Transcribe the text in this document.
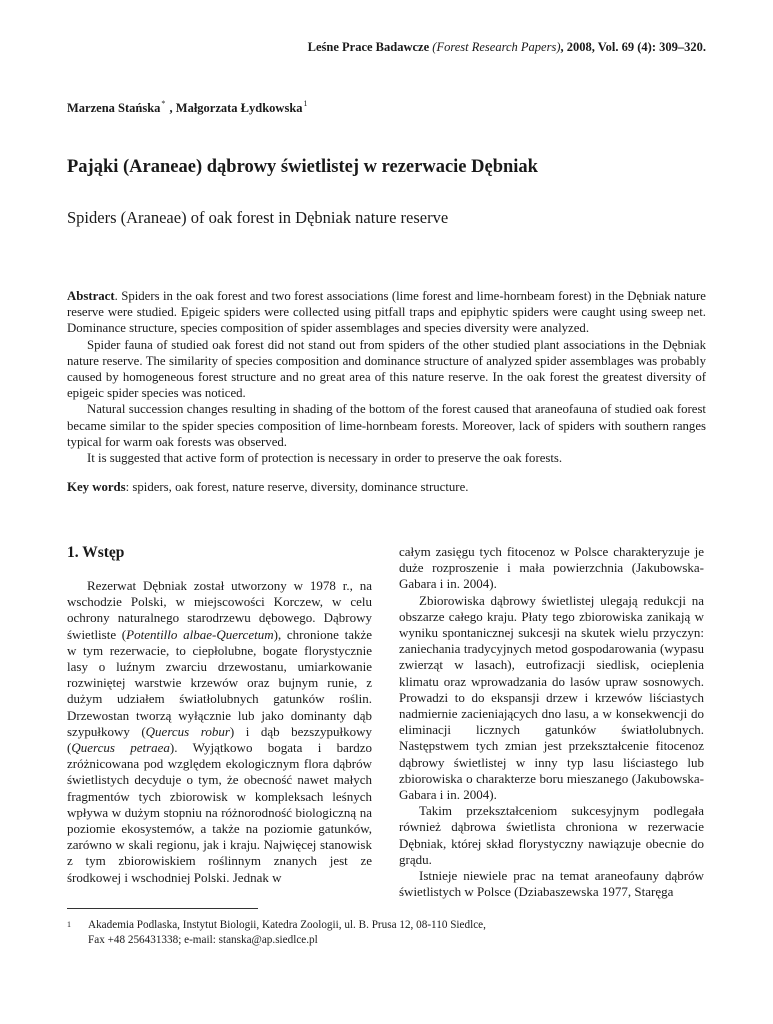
Leśne Prace Badawcze (Forest Research Papers), 2008, Vol. 69 (4): 309–320.
Marzena Stańska* , Małgorzata Łydkowska$^1$
Pająki (Araneae) dąbrowy świetlistej w rezerwacie Dębniak
Spiders (Araneae) of oak forest in Dębniak nature reserve

Abstract. Spiders in the oak forest and two forest associations (lime forest and lime-hornbeam forest) in the Dębniak nature reserve were studied. Epigeic spiders were collected using pitfall traps and epiphytic spiders were caught using sweep net. Dominance structure, species composition of spider assemblages and species diversity were analyzed.

Spider fauna of studied oak forest did not stand out from spiders of the other studied plant associations in the Dębniak nature reserve. The similarity of species composition and dominance structure of analyzed spider assemblages was probably caused by homogeneous forest structure and no great area of this nature reserve. In the oak forest the greatest diversity of epigeic spider species was noticed.

Natural succession changes resulting in shading of the bottom of the forest caused that araneofauna of studied oak forest became similar to the spider species composition of lime-hornbeam forests. Moreover, lack of spiders with southern ranges typical for warm oak forests was observed.

It is suggested that active form of protection is necessary in order to preserve the oak forests.

Key words: spiders, oak forest, nature reserve, diversity, dominance structure.
1. Wstęp

Rezerwat Dębniak został utworzony w 1978 r., na wschodzie Polski, w miejscowości Korczew, w celu ochrony naturalnego starodrzewu dębowego. Dąbrowy świetliste (Potentillo albae-Quercetum), chronione także w tym rezerwacie, to ciepłolubne, bogate florystycznie lasy o luźnym zwarciu drzewostanu, umiarkowanie rozwiniętej warstwie krzewów oraz bujnym runie, z dużym udziałem światłolubnych gatunków roślin. Drzewostan tworzą wyłącznie lub jako dominanty dąb szypułkowy (Quercus robur) i dąb bezszypułkowy (Quercus petraea). Wyjątkowo bogata i bardzo zróżnicowana pod względem ekologicznym flora dąbrów świetlistych decyduje o tym, że obecność nawet małych fragmentów tych zbiorowisk w kompleksach leśnych wpływa w dużym stopniu na różnorodność biologiczną na poziomie ekosystemów, a także na poziomie gatunków, zarówno w skali regionu, jak i kraju. Najwięcej stanowisk z tym zbiorowiskiem roślinnym znanych jest ze środkowej i wschodniej Polski. Jednak w

całym zasięgu tych fitocenoz w Polsce charakteryzuje je duże rozproszenie i mała powierzchnia (Jakubowska-Gabara i in. 2004).

Zbiorowiska dąbrowy świetlistej ulegają redukcji na obszarze całego kraju. Płaty tego zbiorowiska zanikają w wyniku spontanicznej sukcesji na skutek wielu przyczyn: zaniechania tradycyjnych metod gospodarowania (wypasu zwierząt w lasach), eutrofizacji siedlisk, ocieplenia klimatu oraz wprowadzania do lasów upraw sosnowych. Prowadzi to do ekspansji drzew i krzewów liściastych nadmiernie zacieniających dno lasu, a w konsekwencji do eliminacji licznych gatunków światłolubnych. Następstwem tych zmian jest przekształcenie fitocenoz dąbrowy świetlistej w inny typ lasu liściastego lub zbiorowiska o charakterze boru mieszanego (Jakubowska-Gabara i in. 2004).

Takim przekształceniom sukcesyjnym podlegała również dąbrowa świetlista chroniona w rezerwacie Dębniak, której skład florystyczny nawiązuje obecnie do grądu.

Istnieje niewiele prac na temat araneofauny dąbrów świetlistych w Polsce (Dziabaszewska 1977, Staręga

1 Akademia Podlaska, Instytut Biologii, Katedra Zoologii, ul. B. Prusa 12, 08-110 Siedlce,
Fax +48 256431338; e-mail: stanska@ap.siedlce.pl
